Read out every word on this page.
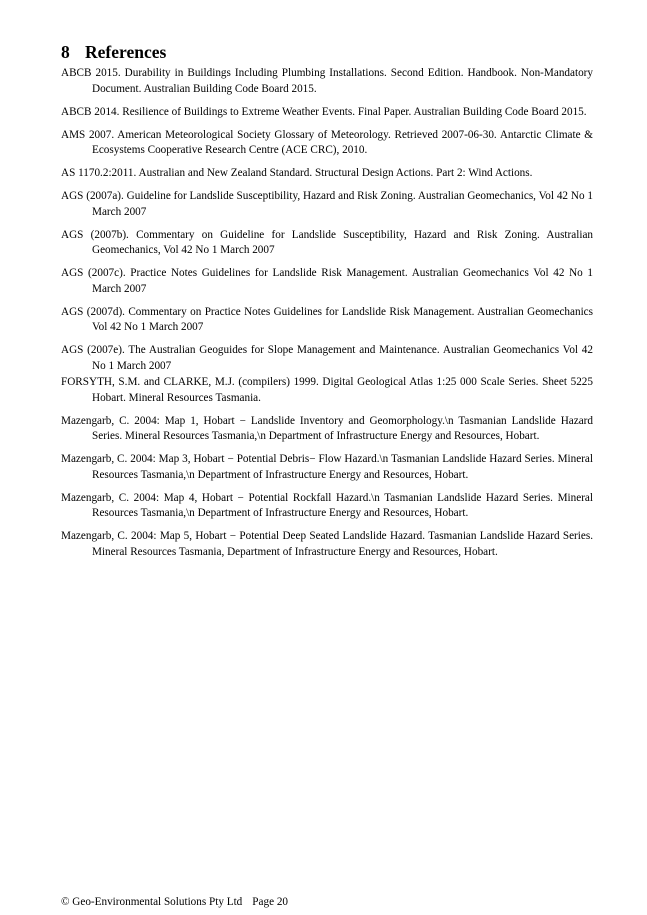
8 References
ABCB 2015. Durability in Buildings Including Plumbing Installations. Second Edition. Handbook. Non-Mandatory Document. Australian Building Code Board 2015.
ABCB 2014. Resilience of Buildings to Extreme Weather Events. Final Paper. Australian Building Code Board 2015.
AMS 2007. American Meteorological Society Glossary of Meteorology. Retrieved 2007-06-30. Antarctic Climate & Ecosystems Cooperative Research Centre (ACE CRC), 2010.
AS 1170.2:2011. Australian and New Zealand Standard. Structural Design Actions. Part 2: Wind Actions.
AGS (2007a). Guideline for Landslide Susceptibility, Hazard and Risk Zoning. Australian Geomechanics, Vol 42 No 1 March 2007
AGS (2007b). Commentary on Guideline for Landslide Susceptibility, Hazard and Risk Zoning. Australian Geomechanics, Vol 42 No 1 March 2007
AGS (2007c). Practice Notes Guidelines for Landslide Risk Management. Australian Geomechanics Vol 42 No 1 March 2007
AGS (2007d). Commentary on Practice Notes Guidelines for Landslide Risk Management. Australian Geomechanics Vol 42 No 1 March 2007
AGS (2007e). The Australian Geoguides for Slope Management and Maintenance. Australian Geomechanics Vol 42 No 1 March 2007
FORSYTH, S.M. and CLARKE, M.J. (compilers) 1999. Digital Geological Atlas 1:25 000 Scale Series. Sheet 5225 Hobart. Mineral Resources Tasmania.
Mazengarb, C. 2004: Map 1, Hobart − Landslide Inventory and Geomorphology.\n Tasmanian Landslide Hazard Series. Mineral Resources Tasmania,\n Department of Infrastructure Energy and Resources, Hobart.
Mazengarb, C. 2004: Map 3, Hobart − Potential Debris− Flow Hazard.\n Tasmanian Landslide Hazard Series. Mineral Resources Tasmania,\n Department of Infrastructure Energy and Resources, Hobart.
Mazengarb, C. 2004: Map 4, Hobart − Potential Rockfall Hazard.\n Tasmanian Landslide Hazard Series. Mineral Resources Tasmania,\n Department of Infrastructure Energy and Resources, Hobart.
Mazengarb, C. 2004: Map 5, Hobart − Potential Deep Seated Landslide Hazard. Tasmanian Landslide Hazard Series. Mineral Resources Tasmania, Department of Infrastructure Energy and Resources, Hobart.
© Geo-Environmental Solutions Pty Ltd Page 20
